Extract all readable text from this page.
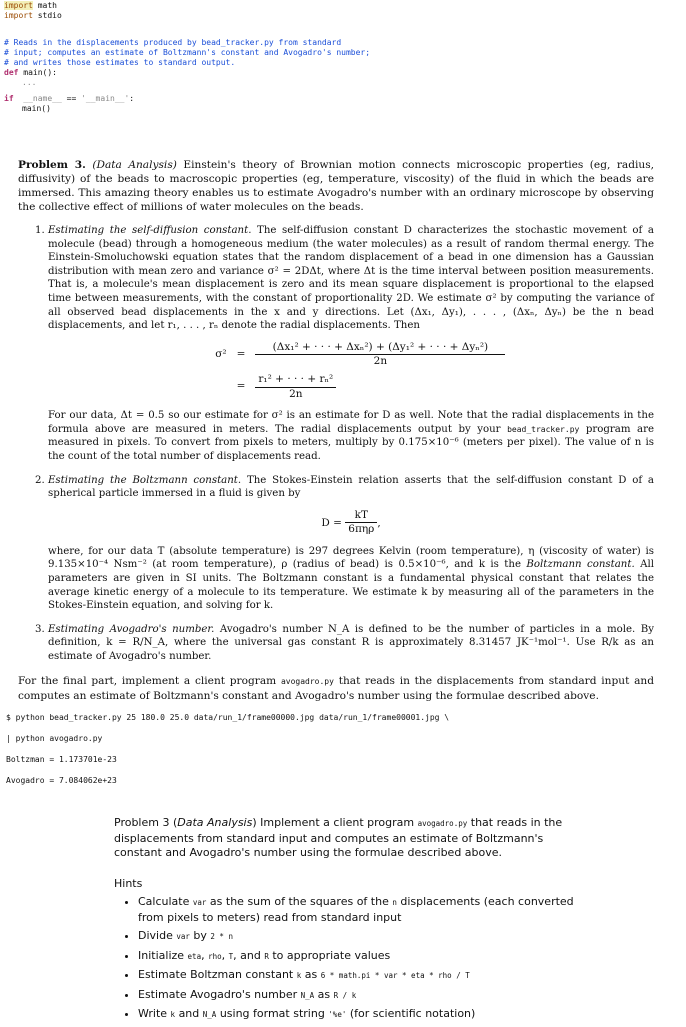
import math
import stdio
# Reads in the displacements produced by bead_tracker.py from standard
# input; computes an estimate of Boltzmann's constant and Avogadro's number;
# and writes those estimates to standard output.
def main():
...
if __name__ == '__main__':
main()

Problem 3. (Data Analysis) Einstein's theory of Brownian motion connects microscopic properties (eg, radius, diffusivity) of the beads to macroscopic properties (eg, temperature, viscosity) of the fluid in which the beads are immersed. This amazing theory enables us to estimate Avogadro's number with an ordinary microscope by observing the collective effect of millions of water molecules on the beads.

1. Estimating the self-diffusion constant. The self-diffusion constant D characterizes the stochastic movement of a molecule (bead) through a homogeneous medium (the water molecules) as a result of random thermal energy. The Einstein-Smoluchowski equation states that the random displacement of a bead in one dimension has a Gaussian distribution with mean zero and variance σ² = 2DΔt, where Δt is the time interval between position measurements. That is, a molecule's mean displacement is zero and its mean square displacement is proportional to the elapsed time between measurements, with the constant of proportionality 2D. We estimate σ² by computing the variance of all observed bead displacements in the x and y directions. Let (Δx₁, Δy₁), . . . , (Δxₙ, Δyₙ) be the n bead displacements, and let r₁, . . . , rₙ denote the radial displacements. Then
$\sigma^2 = \frac{\text{(Δx₁² + · · · + Δxₙ²) + (Δy₁² + · · · + Δyₙ²)}}{2n}$
= $\frac{\text{r₁² + · · · + rₙ²}}{2n}$
For our data, Δt = 0.5 so our estimate for σ² is an estimate for D as well. Note that the radial displacements in the formula above are measured in meters. The radial displacements output by your bead_tracker.py program are measured in pixels. To convert from pixels to meters, multiply by 0.175×10⁻⁶ (meters per pixel). The value of n is the count of the total number of displacements read.
2. Estimating the Boltzmann constant. The Stokes-Einstein relation asserts that the self-diffusion constant D of a spherical particle immersed in a fluid is given by
$D = \frac{kT}{\text{6πηρ}}$ ,
where, for our data T (absolute temperature) is 297 degrees Kelvin (room temperature), η (viscosity of water) is 9.135×10⁻⁴ Nsm⁻² (at room temperature), ρ (radius of bead) is 0.5×10⁻⁶, and k is the Boltzmann constant. All parameters are given in SI units. The Boltzmann constant is a fundamental physical constant that relates the average kinetic energy of a molecule to its temperature. We estimate k by measuring all of the parameters in the Stokes-Einstein equation, and solving for k.
3. Estimating Avogadro's number. Avogadro's number N_A is defined to be the number of particles in a mole. By definition, k = R/N_A, where the universal gas constant R is approximately 8.31457 JK⁻¹mol⁻¹. Use R/k as an estimate of Avogadro's number.

For the final part, implement a client program avogadro.py that reads in the displacements from standard input and computes an estimate of Boltzmann's constant and Avogadro's number using the formulae described above.

$ python bead_tracker.py 25 180.0 25.0 data/run_1/frame00000.jpg data/run_1/frame00001.jpg \

| python avogadro.py

Boltzman = 1.173701e-23

Avogadro = 7.084062e+23

Problem 3 (Data Analysis) Implement a client program avogadro.py that reads in the displacements from standard input and computes an estimate of Boltzmann's constant and Avogadro's number using the formulae described above.

Hints

• Calculate var as the sum of the squares of the n displacements (each converted from pixels to meters) read from standard input
• Divide var by 2 * n
• Initialize eta, rho, T, and R to appropriate values
• Estimate Boltzman constant k as 6 * math.pi * var * eta * rho / T
• Estimate Avogadro's number N_A as R / k
• Write k and N_A using format string '%e' (for scientific notation)
